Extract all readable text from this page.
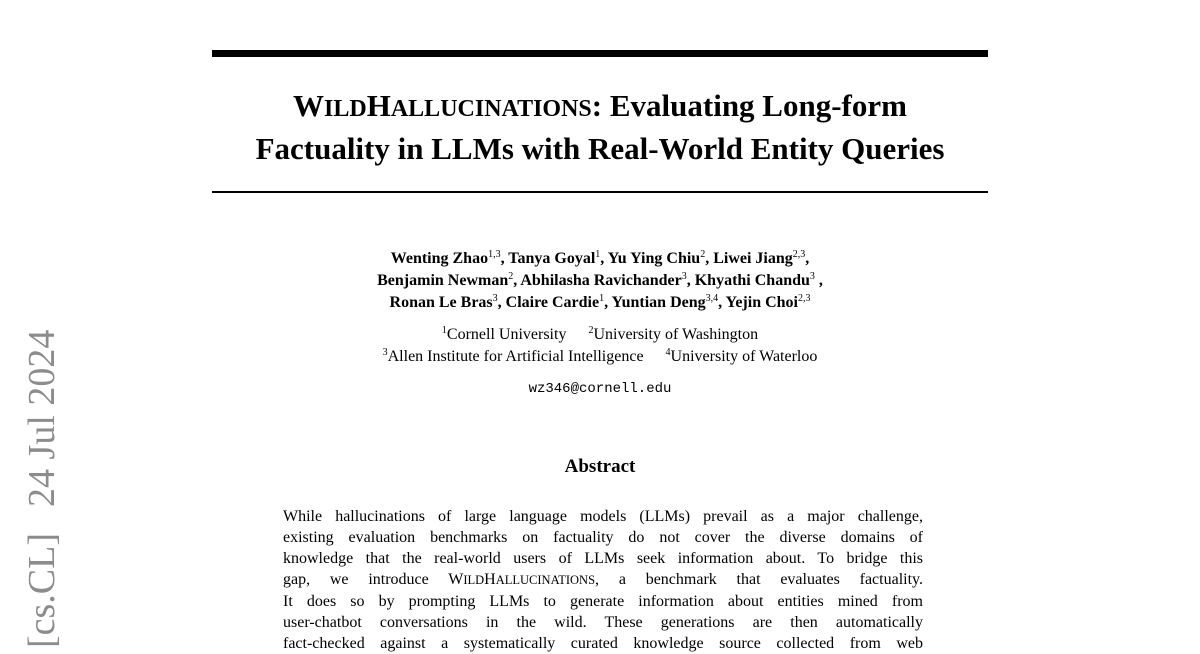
WILDHALLUCINATIONS: Evaluating Long-form
Factuality in LLMs with Real-World Entity Queries
Wenting Zhao$^{1,3}$, Tanya Goyal$^1$, Yu Ying Chiu$^2$, Liwei Jiang$^{2,3}$,
Benjamin Newman$^2$, Abhilasha Ravichander$^3$, Khyathi Chandu$^3$ ,
Ronan Le Bras$^3$, Claire Cardie$^1$, Yuntian Deng$^{3,4}$, Yejin Choi$^{2,3}$
$^1$Cornell University $^2$University of Washington
$^3$Allen Institute for Artificial Intelligence $^4$University of Waterloo
wz346@cornell.edu
Abstract
While hallucinations of large language models (LLMs) prevail as a major challenge,
existing evaluation benchmarks on factuality do not cover the diverse domains of
knowledge that the real-world users of LLMs seek information about. To bridge this
gap, we introduce WILDHALLUCINATIONS, a benchmark that evaluates factuality.
It does so by prompting LLMs to generate information about entities mined from
user-chatbot conversations in the wild. These generations are then automatically
fact-checked against a systematically curated knowledge source collected from web
[cs.CL]24 Jul 2024
